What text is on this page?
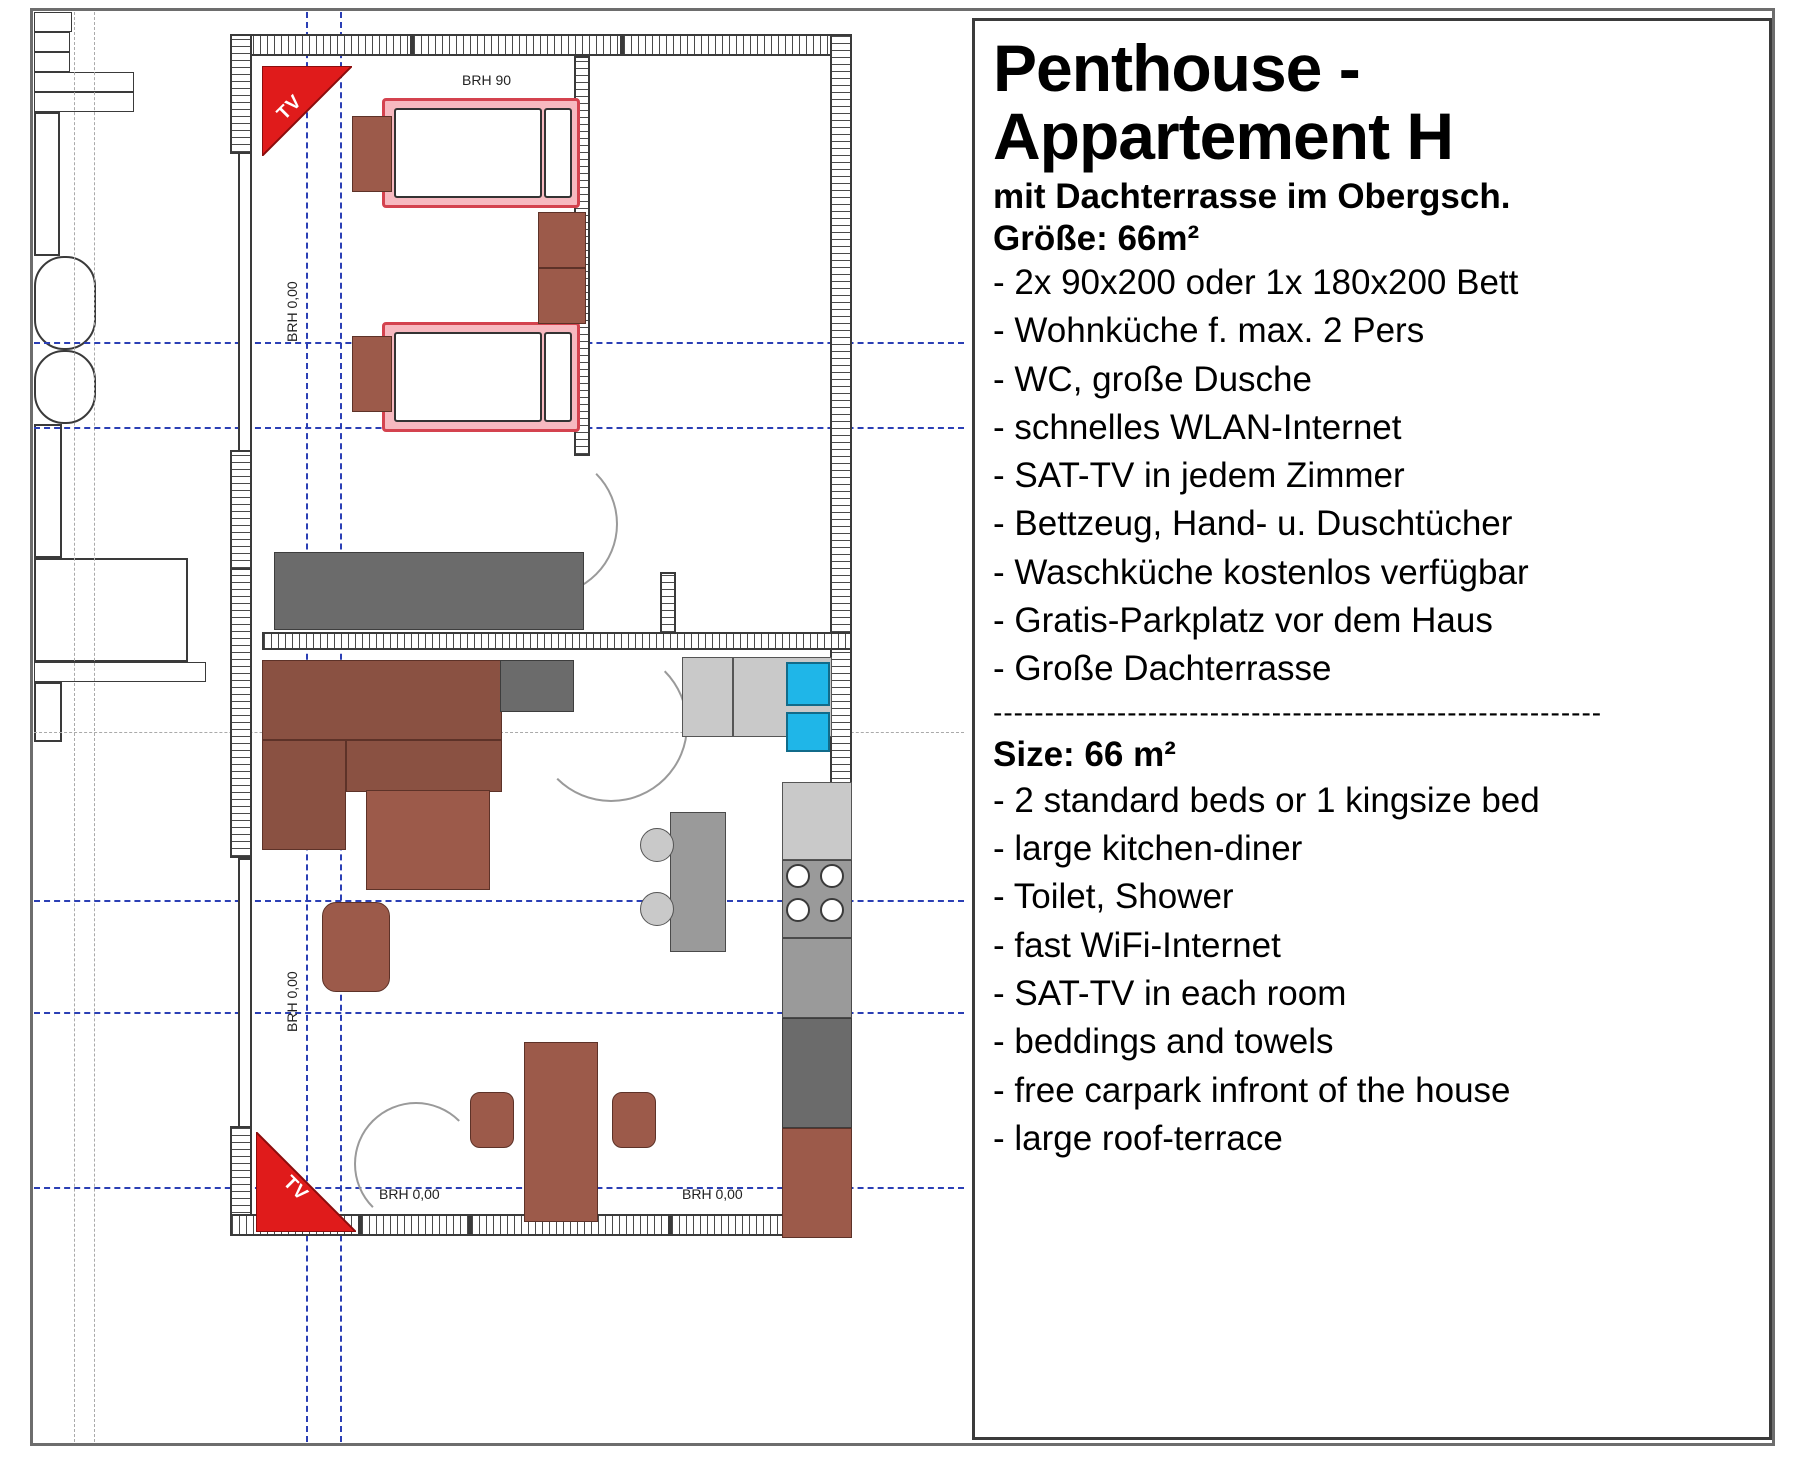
TV
TV
BRH 90
BRH 0,00
BRH 0,00
BRH 0,00	BRH 0,00
Penthouse -
Appartement H
mit Dachterrasse im Obergsch.
Größe: 66m²
- 2x 90x200 oder 1x 180x200 Bett
- Wohnküche f. max. 2 Pers
- WC, große Dusche
- schnelles WLAN-Internet
- SAT-TV in jedem Zimmer
- Bettzeug, Hand- u. Duschtücher
- Waschküche kostenlos verfügbar
- Gratis-Parkplatz vor dem Haus
- Große Dachterrasse
-----------------------------------------------------------
Size: 66 m²
- 2 standard beds or 1 kingsize bed
- large kitchen-diner
- Toilet, Shower
- fast WiFi-Internet
- SAT-TV in each room
- beddings and towels
- free carpark infront of the house
- large roof-terrace
